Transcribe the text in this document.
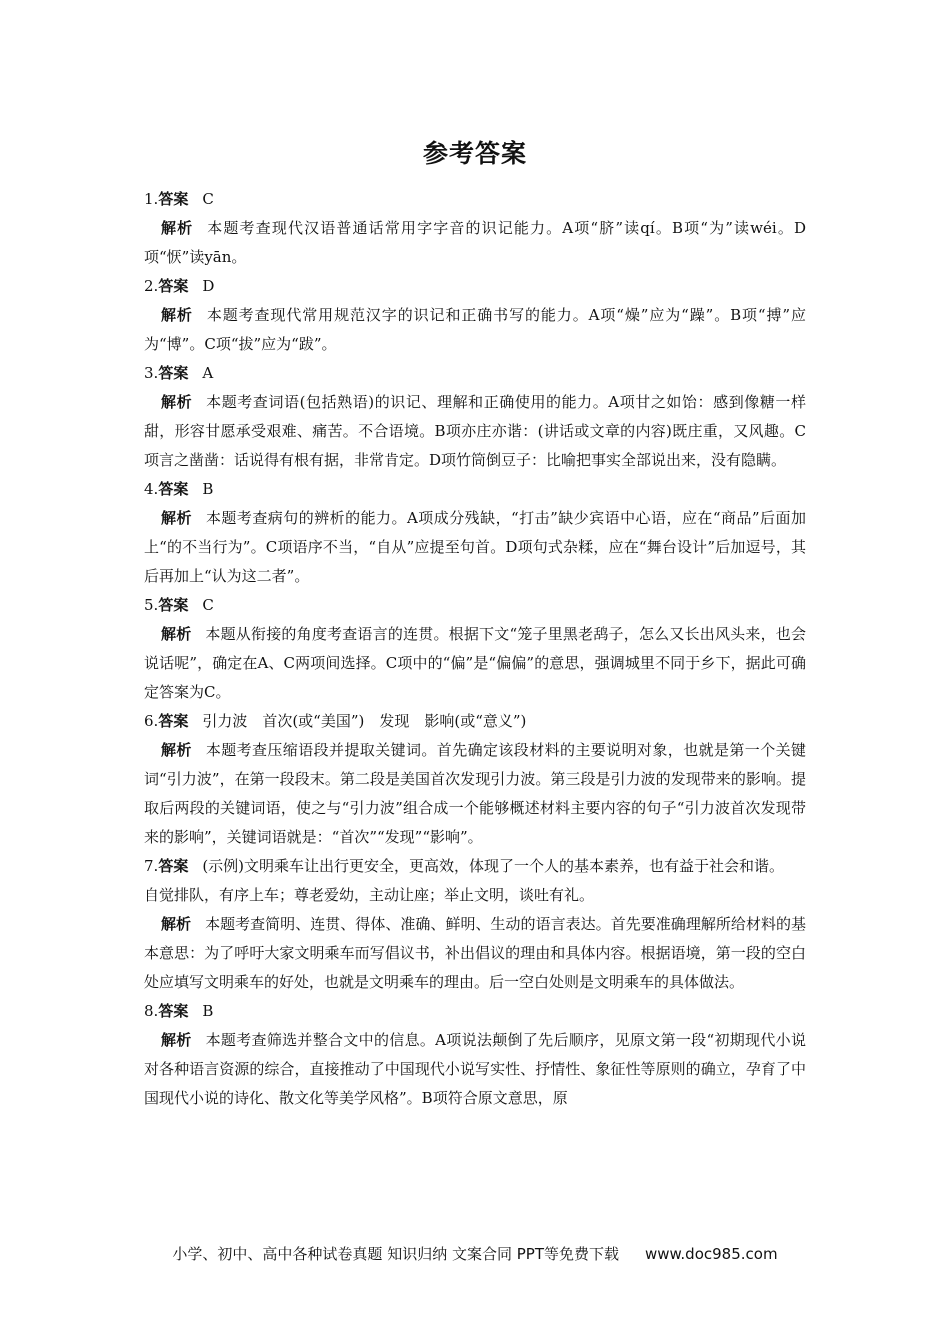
参考答案

1.答案 C

解析 本题考查现代汉语普通话常用字字音的识记能力。A项“脐”读qí。B项“为”读wéi。D项“恹”读yān。

2.答案 D

解析 本题考查现代常用规范汉字的识记和正确书写的能力。A项“燥”应为“躁”。B项“搏”应为“博”。C项“拔”应为“跋”。

3.答案 A

解析 本题考查词语(包括熟语)的识记、理解和正确使用的能力。A项甘之如饴：感到像糖一样甜，形容甘愿承受艰难、痛苦。不合语境。B项亦庄亦谐：(讲话或文章的内容)既庄重，又风趣。C项言之凿凿：话说得有根有据，非常肯定。D项竹筒倒豆子：比喻把事实全部说出来，没有隐瞒。

4.答案 B

解析 本题考查病句的辨析的能力。A项成分残缺，“打击”缺少宾语中心语，应在“商品”后面加上“的不当行为”。C项语序不当，“自从”应提至句首。D项句式杂糅，应在“舞台设计”后加逗号，其后再加上“认为这二者”。

5.答案 C

解析 本题从衔接的角度考查语言的连贯。根据下文“笼子里黑老鸹子，怎么又长出风头来，也会说话呢”，确定在A、C两项间选择。C项中的“偏”是“偏偏”的意思，强调城里不同于乡下，据此可确定答案为C。

6.答案 引力波　首次(或“美国”)　发现　影响(或“意义”)

解析 本题考查压缩语段并提取关键词。首先确定该段材料的主要说明对象，也就是第一个关键词“引力波”，在第一段段末。第二段是美国首次发现引力波。第三段是引力波的发现带来的影响。提取后两段的关键词语，使之与“引力波”组合成一个能够概述材料主要内容的句子“引力波首次发现带来的影响”，关键词语就是：“首次”“发现”“影响”。

7.答案 (示例)文明乘车让出行更安全，更高效，体现了一个人的基本素养，也有益于社会和谐。

自觉排队，有序上车；尊老爱幼，主动让座；举止文明，谈吐有礼。

解析 本题考查简明、连贯、得体、准确、鲜明、生动的语言表达。首先要准确理解所给材料的基本意思：为了呼吁大家文明乘车而写倡议书，补出倡议的理由和具体内容。根据语境，第一段的空白处应填写文明乘车的好处，也就是文明乘车的理由。后一空白处则是文明乘车的具体做法。

8.答案 B

解析 本题考查筛选并整合文中的信息。A项说法颠倒了先后顺序，见原文第一段“初期现代小说对各种语言资源的综合，直接推动了中国现代小说写实性、抒情性、象征性等原则的确立，孕育了中国现代小说的诗化、散文化等美学风格”。B项符合原文意思，原

小学、初中、高中各种试卷真题 知识归纳 文案合同 PPT等免费下载 www.doc985.com
